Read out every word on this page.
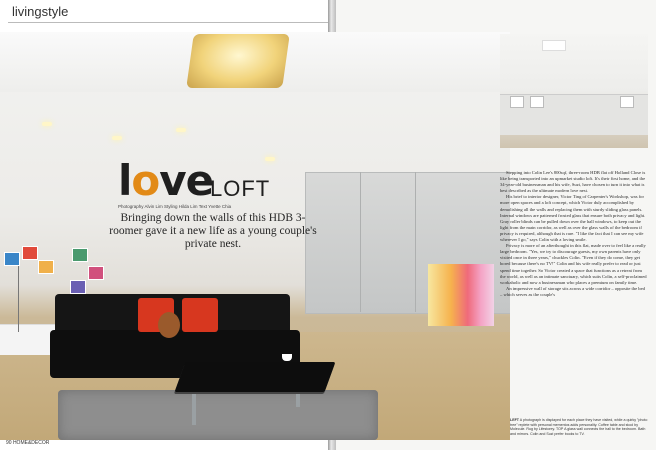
livingstyle
love
LOFT
Photography Alvin Lim Styling Hilda Lim Text Yvette Chia
Bringing down the walls of this HDB 3-roomer gave it a new life as a young couple's private nest.

Stepping into Colin Lee's 800sqf, three-room HDB flat off Holland Close is like being transported into an upmarket studio loft. It's their first home, and the 34-year-old businessman and his wife, Suzi, have chosen to turn it into what is best described as the ultimate modern love nest.

His brief to interior designer, Victor Ting of Carpenter's Workshop, was for more open spaces and a loft concept, which Victor duly accomplished by demolishing all the walls and replacing them with sturdy sliding glass panels. Internal windows are patterned frosted glass that ensure both privacy and light. Gray roller blinds can be pulled down over the hall windows, to keep out the light from the main corridor, as well as over the glass walls of the bedroom if privacy is required, although that is rare. "I like the fact that I can see my wife wherever I go," says Colin with a loving smile.

Privacy is more of an afterthought in this flat, made over to feel like a really large bedroom. "Yes, we try to discourage guests, my own parents have only visited once in three years," chuckles Colin. "Even if they do come, they get bored because there's no TV!" Colin and his wife really prefer to read or just spend time together. So Victor created a space that functions as a retreat from the world, as well as an intimate sanctuary, which suits Colin, a self-proclaimed workaholic and now a businessman who places a premium on family time.

An impressive wall of storage sits across a wide corridor – opposite the bed – which serves as the couple's

LEFT A photograph is displayed for each place they have visited, while a quirky "photo tree" replete with personal mementos adds personality. Coffee table and stool by Molecule. Rug by Lifestorey. TOP A glass wall connects the hall to the bedroom. Bath and mirrors. Colin and Suzi prefer books to TV.
90 HOME&DECOR
